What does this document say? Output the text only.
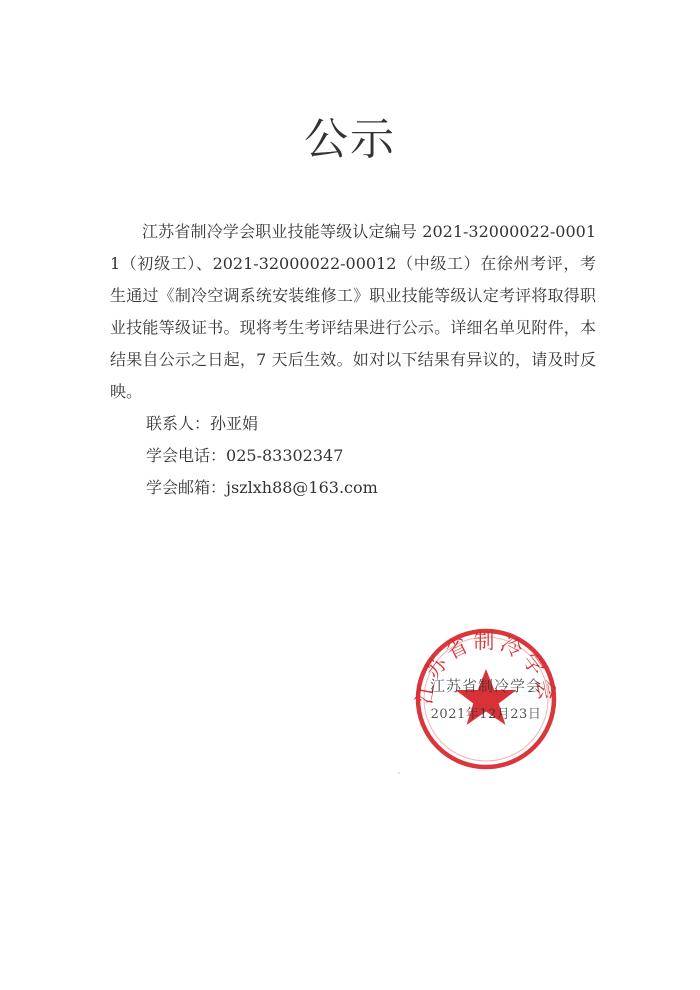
公示

江苏省制冷学会职业技能等级认定编号 2021-32000022-00011（初级工）、2021-32000022-00012（中级工）在徐州考评，考生通过《制冷空调系统安装维修工》职业技能等级认定考评将取得职业技能等级证书。现将考生考评结果进行公示。详细名单见附件，本结果自公示之日起，7 天后生效。如对以下结果有异议的，请及时反映。

联系人：孙亚娟

学会电话：025-83302347

学会邮箱：jszlxh88@163.com

江苏省制冷学会
江苏省制冷学会
2021年12月23日
